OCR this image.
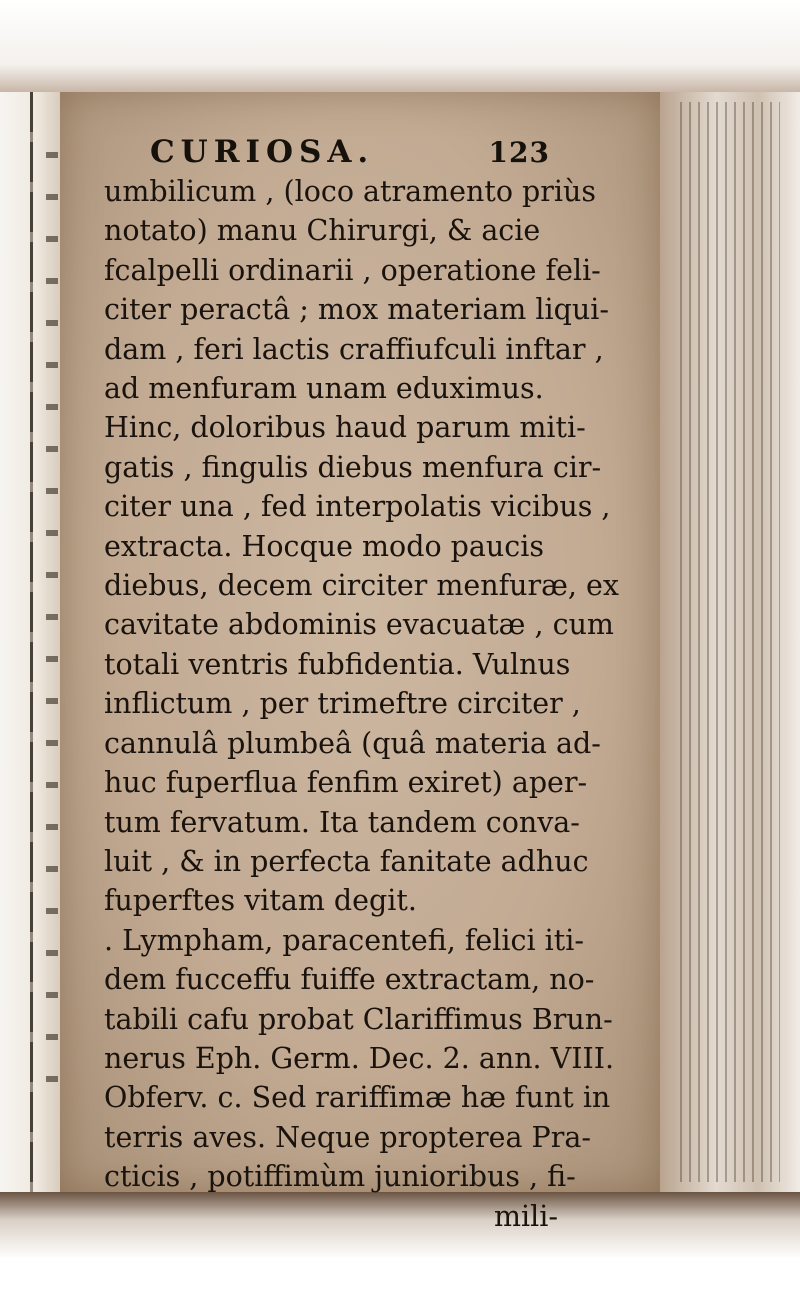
CURIOSA.	123
umbilicum , (loco atramento priùs
notato) manu Chirurgi, & acie
fcalpelli ordinarii , operatione feli-
citer peractâ ; mox materiam liqui-
dam , feri lactis craffiufculi inftar ,
ad menfuram unam eduximus.
Hinc, doloribus haud parum miti-
gatis , fingulis diebus menfura cir-
citer una , fed interpolatis vicibus ,
extracta. Hocque modo paucis
diebus, decem circiter menfuræ, ex
cavitate abdominis evacuatæ , cum
totali ventris fubfidentia. Vulnus
inflictum , per trimeftre circiter ,
cannulâ plumbeâ (quâ materia ad-
huc fuperflua fenfim exiret) aper-
tum fervatum. Ita tandem conva-
luit , & in perfecta fanitate adhuc
fuperftes vitam degit.
. Lympham, paracentefi, felici iti-
dem fucceffu fuiffe extractam, no-
tabili cafu probat Clariffimus Brun-
nerus Eph. Germ. Dec. 2. ann. VIII.
Obferv. c. Sed rariffimæ hæ funt in
terris aves. Neque propterea Pra-
cticis , potiffimùm junioribus , fi-
mili-
